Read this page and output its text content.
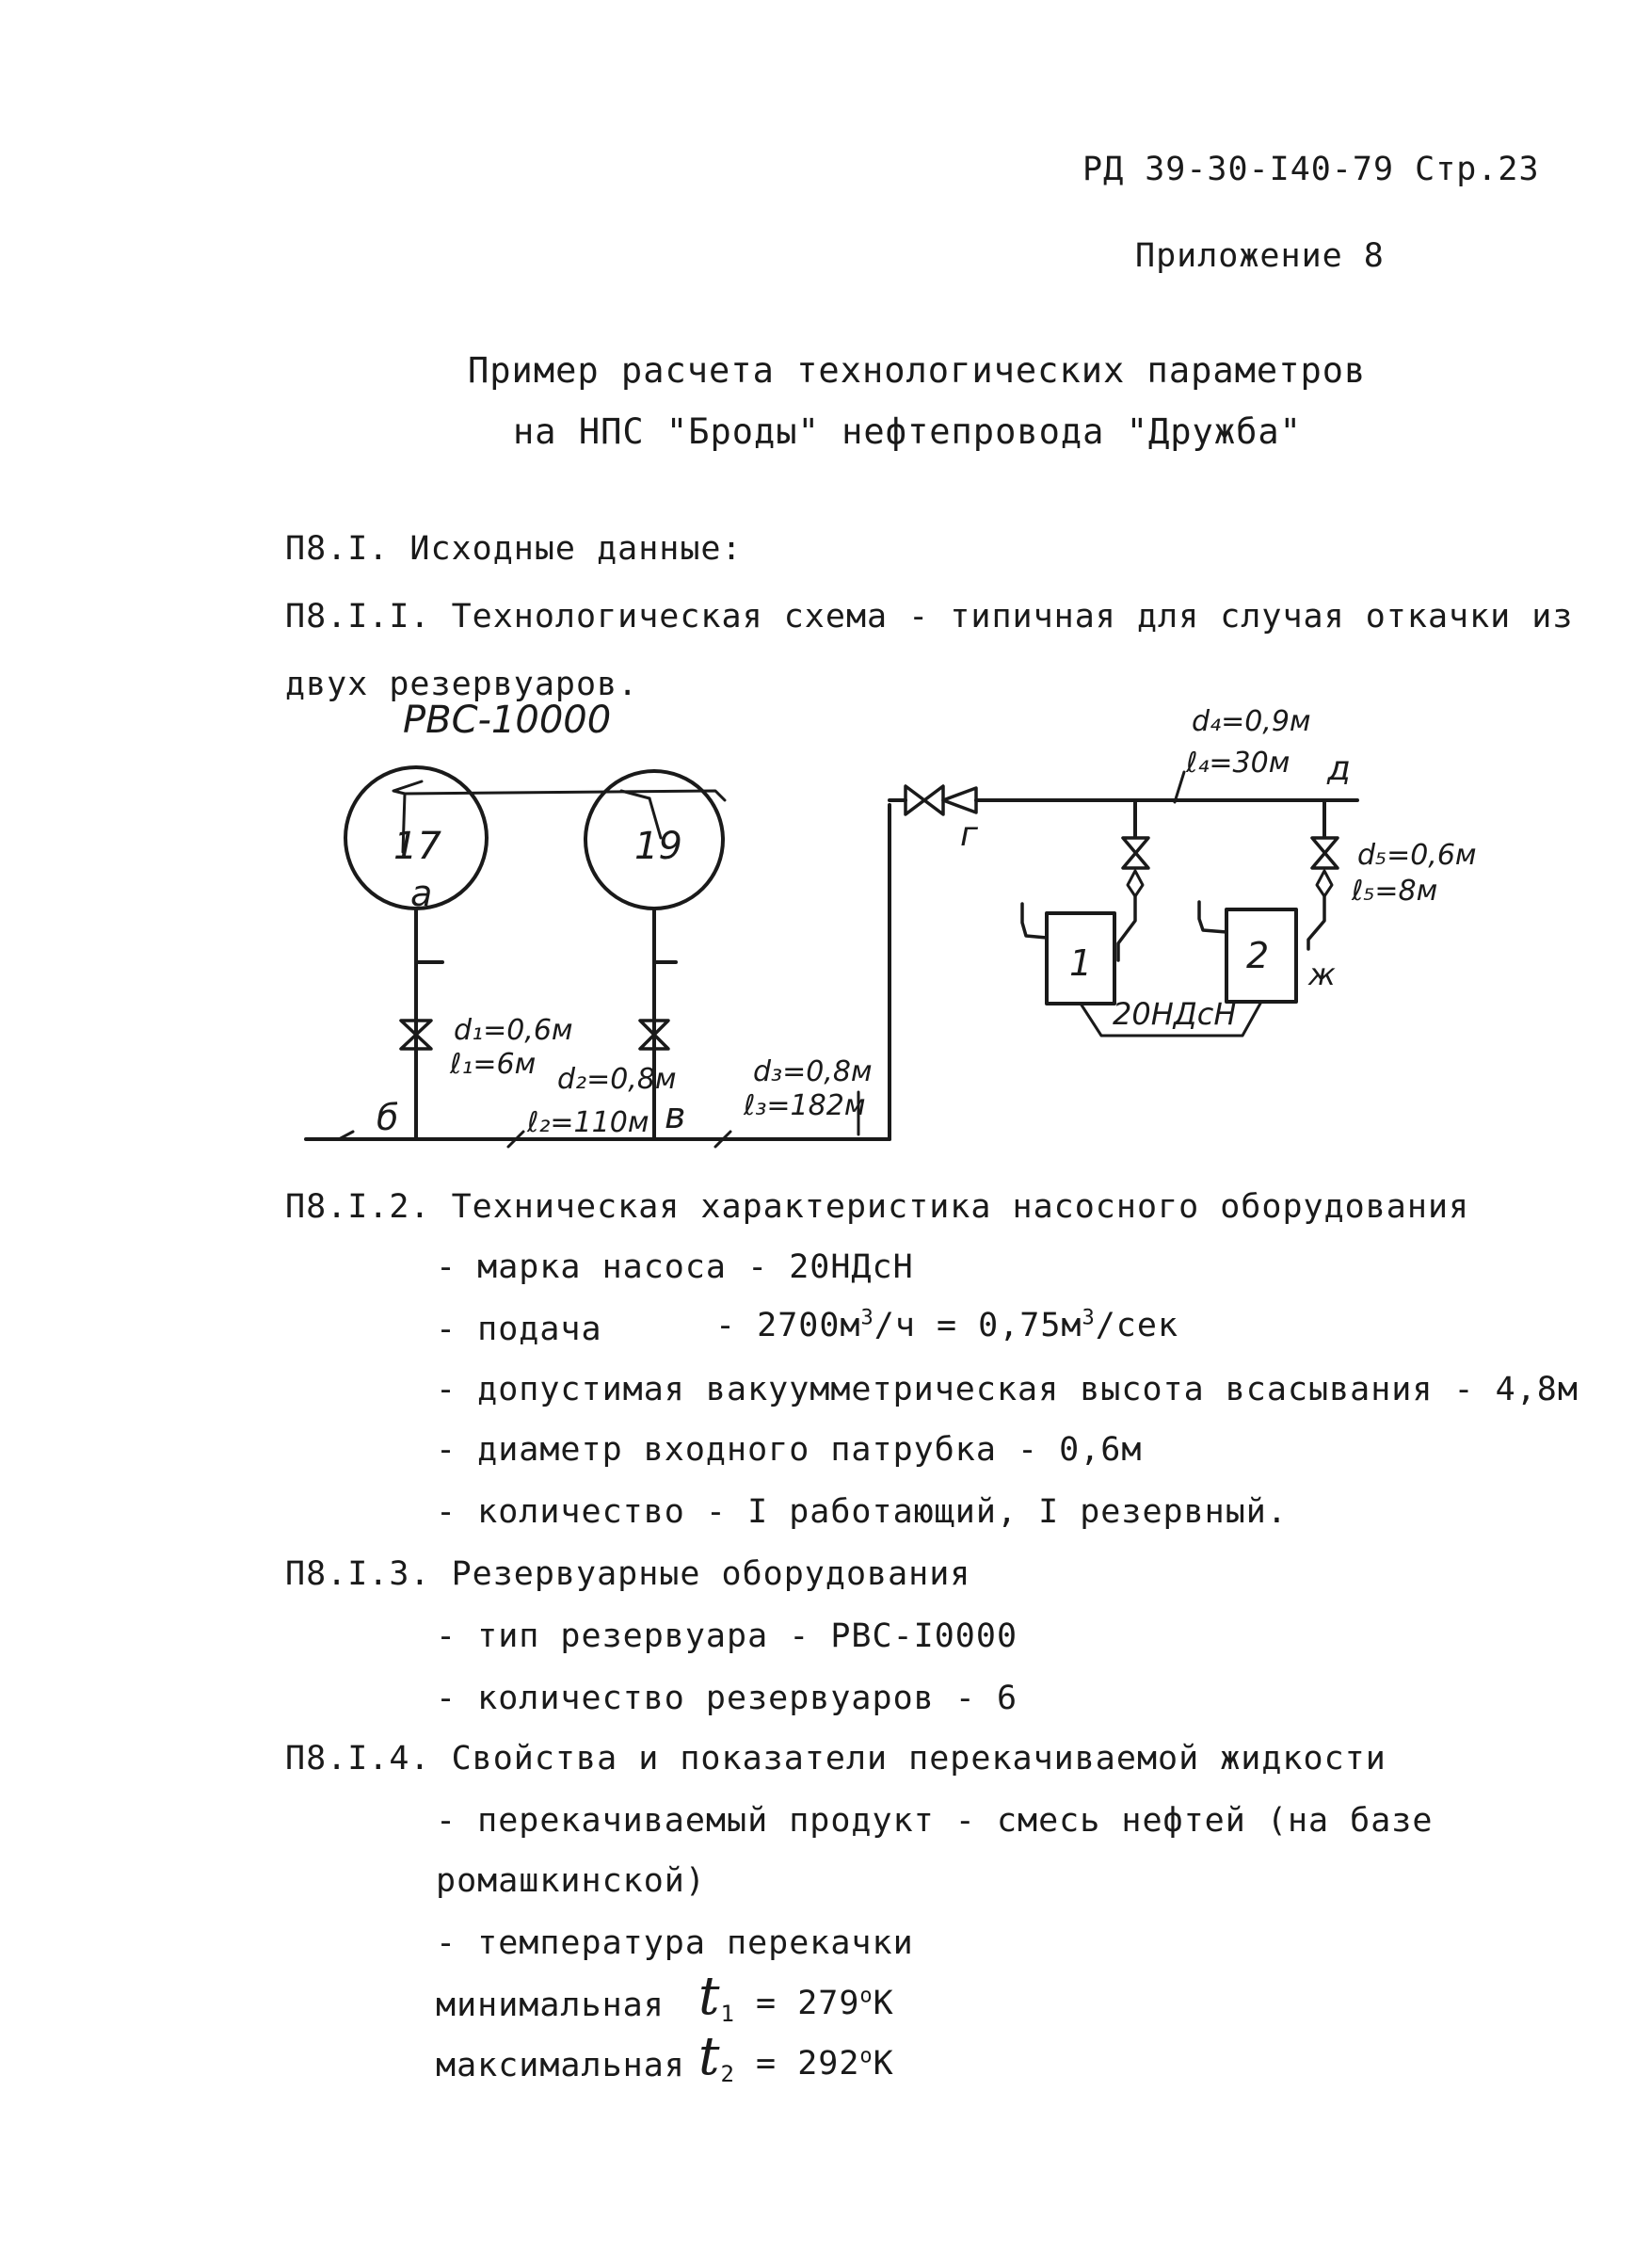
РД 39-30-I40-79 Стр.23
Приложение 8
Пример расчета технологических параметров
на НПС "Броды" нефтепровода "Дружба"
П8.I. Исходные данные:
П8.I.I. Технологическая схема - типичная для случая откачки из
двух резервуаров.
РВС-10000
17	19
а
d₁=0,6м
ℓ₁=6м d₂=0,8м
б	ℓ₂=110м в
d₃=0,8м
ℓ₃=182м
г
d₄=0,9м
ℓ₄=30м д
d₅=0,6м
ℓ₅=8м
1	2 ж
20НДсН
П8.I.2. Техническая характеристика насосного оборудования
- марка насоса - 20НДсН
- подача	- $2700м^3/ч = 0,75м^3/сек$
- допустимая вакуумметрическая высота всасывания - 4,8м
- диаметр входного патрубка - 0,6м
- количество - I работающий, I резервный.
П8.I.3. Резервуарные оборудования
- тип резервуара - РВС-I0000
- количество резервуаров - 6
П8.I.4. Свойства и показатели перекачиваемой жидкости
- перекачиваемый продукт - смесь нефтей (на базе
ромашкинской)
- температура перекачки
минимальная $t_1 = 279^oK$
максимальная $t_2 = 292^oK$
